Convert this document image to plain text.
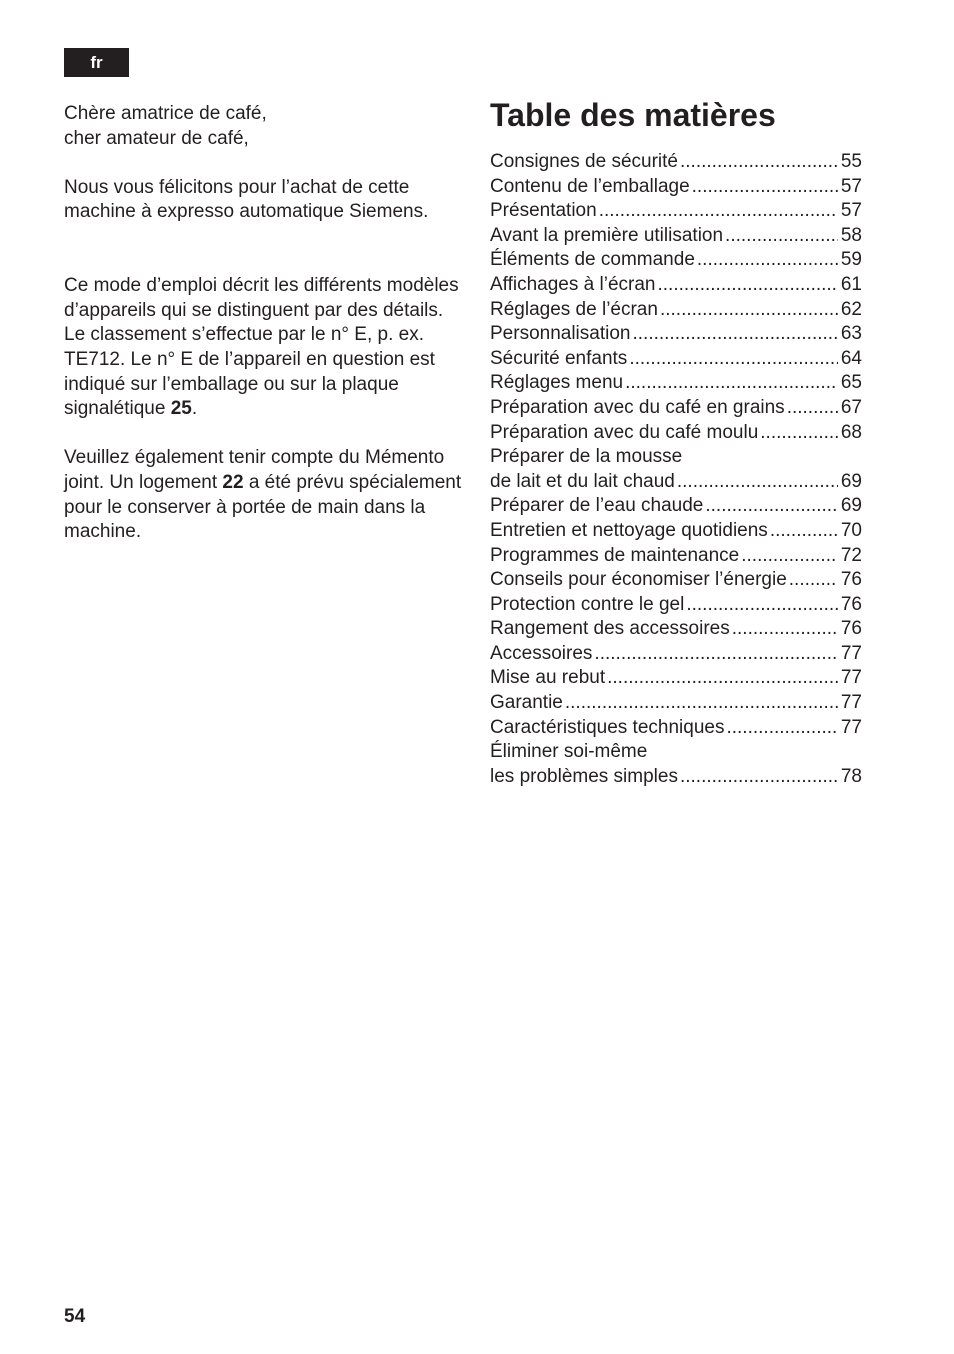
fr

Chère amatrice de café,

cher amateur de café,

Nous vous félicitons pour l’achat de cette machine à expresso automatique Siemens.

Ce mode d’emploi décrit les différents modèles d’appareils qui se distinguent par des détails.

Le classement s’effectue par le n° E, p. ex. TE712. Le n° E de l’appareil en question est indiqué sur l’emballage ou sur la plaque signalétique 25.

Veuillez également tenir compte du Mémento joint. Un logement 22 a été prévu spécialement pour le conserver à portée de main dans la machine.

Table des matières
Consignes de sécurité .....	55
Contenu de l’emballage .....	57
Présentation .....	57
Avant la première utilisation .....	58
Éléments de commande .....	59
Affichages à l’écran .....	61
Réglages de l’écran .....	62
Personnalisation .....	63
Sécurité enfants .....	64
Réglages menu .....	65
Préparation avec du café en grains .....	67
Préparation avec du café moulu .....	68
Préparer de la mousse
de lait et du lait chaud .....	69
Préparer de l’eau chaude .....	69
Entretien et nettoyage quotidiens .....	70
Programmes de maintenance .....	72
Conseils pour économiser l’énergie .....	76
Protection contre le gel .....	76
Rangement des accessoires .....	76
Accessoires .....	77
Mise au rebut .....	77
Garantie .....	77
Caractéristiques techniques .....	77
Éliminer soi-même
les problèmes simples .....	78
54
